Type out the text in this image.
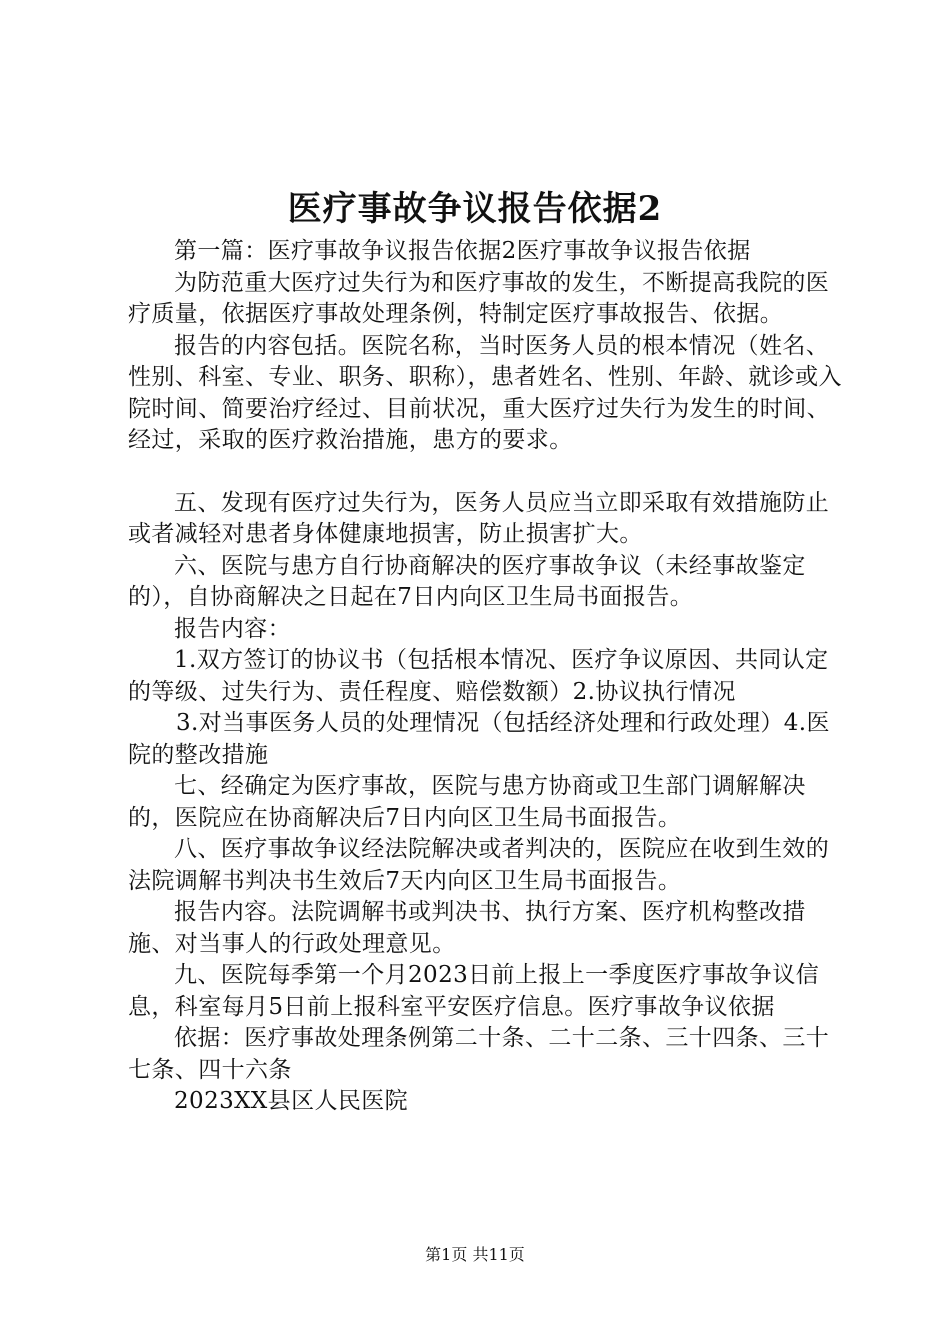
医疗事故争议报告依据2

第一篇：医疗事故争议报告依据2医疗事故争议报告依据

为防范重大医疗过失行为和医疗事故的发生，不断提高我院的医疗质量，依据医疗事故处理条例，特制定医疗事故报告、依据。

报告的内容包括。医院名称，当时医务人员的根本情况（姓名、性别、科室、专业、职务、职称），患者姓名、性别、年龄、就诊或入院时间、简要治疗经过、目前状况，重大医疗过失行为发生的时间、经过，采取的医疗救治措施，患方的要求。

五、发现有医疗过失行为，医务人员应当立即采取有效措施防止或者减轻对患者身体健康地损害，防止损害扩大。

六、医院与患方自行协商解决的医疗事故争议（未经事故鉴定的），自协商解决之日起在7日内向区卫生局书面报告。

报告内容：

1.双方签订的协议书（包括根本情况、医疗争议原因、共同认定的等级、过失行为、责任程度、赔偿数额）2.协议执行情况

3.对当事医务人员的处理情况（包括经济处理和行政处理）4.医院的整改措施

七、经确定为医疗事故，医院与患方协商或卫生部门调解解决的，医院应在协商解决后7日内向区卫生局书面报告。

八、医疗事故争议经法院解决或者判决的，医院应在收到生效的法院调解书判决书生效后7天内向区卫生局书面报告。

报告内容。法院调解书或判决书、执行方案、医疗机构整改措施、对当事人的行政处理意见。

九、医院每季第一个月2023日前上报上一季度医疗事故争议信息，科室每月5日前上报科室平安医疗信息。医疗事故争议依据

依据：医疗事故处理条例第二十条、二十二条、三十四条、三十七条、四十六条

2023XX县区人民医院

第1页 共11页
